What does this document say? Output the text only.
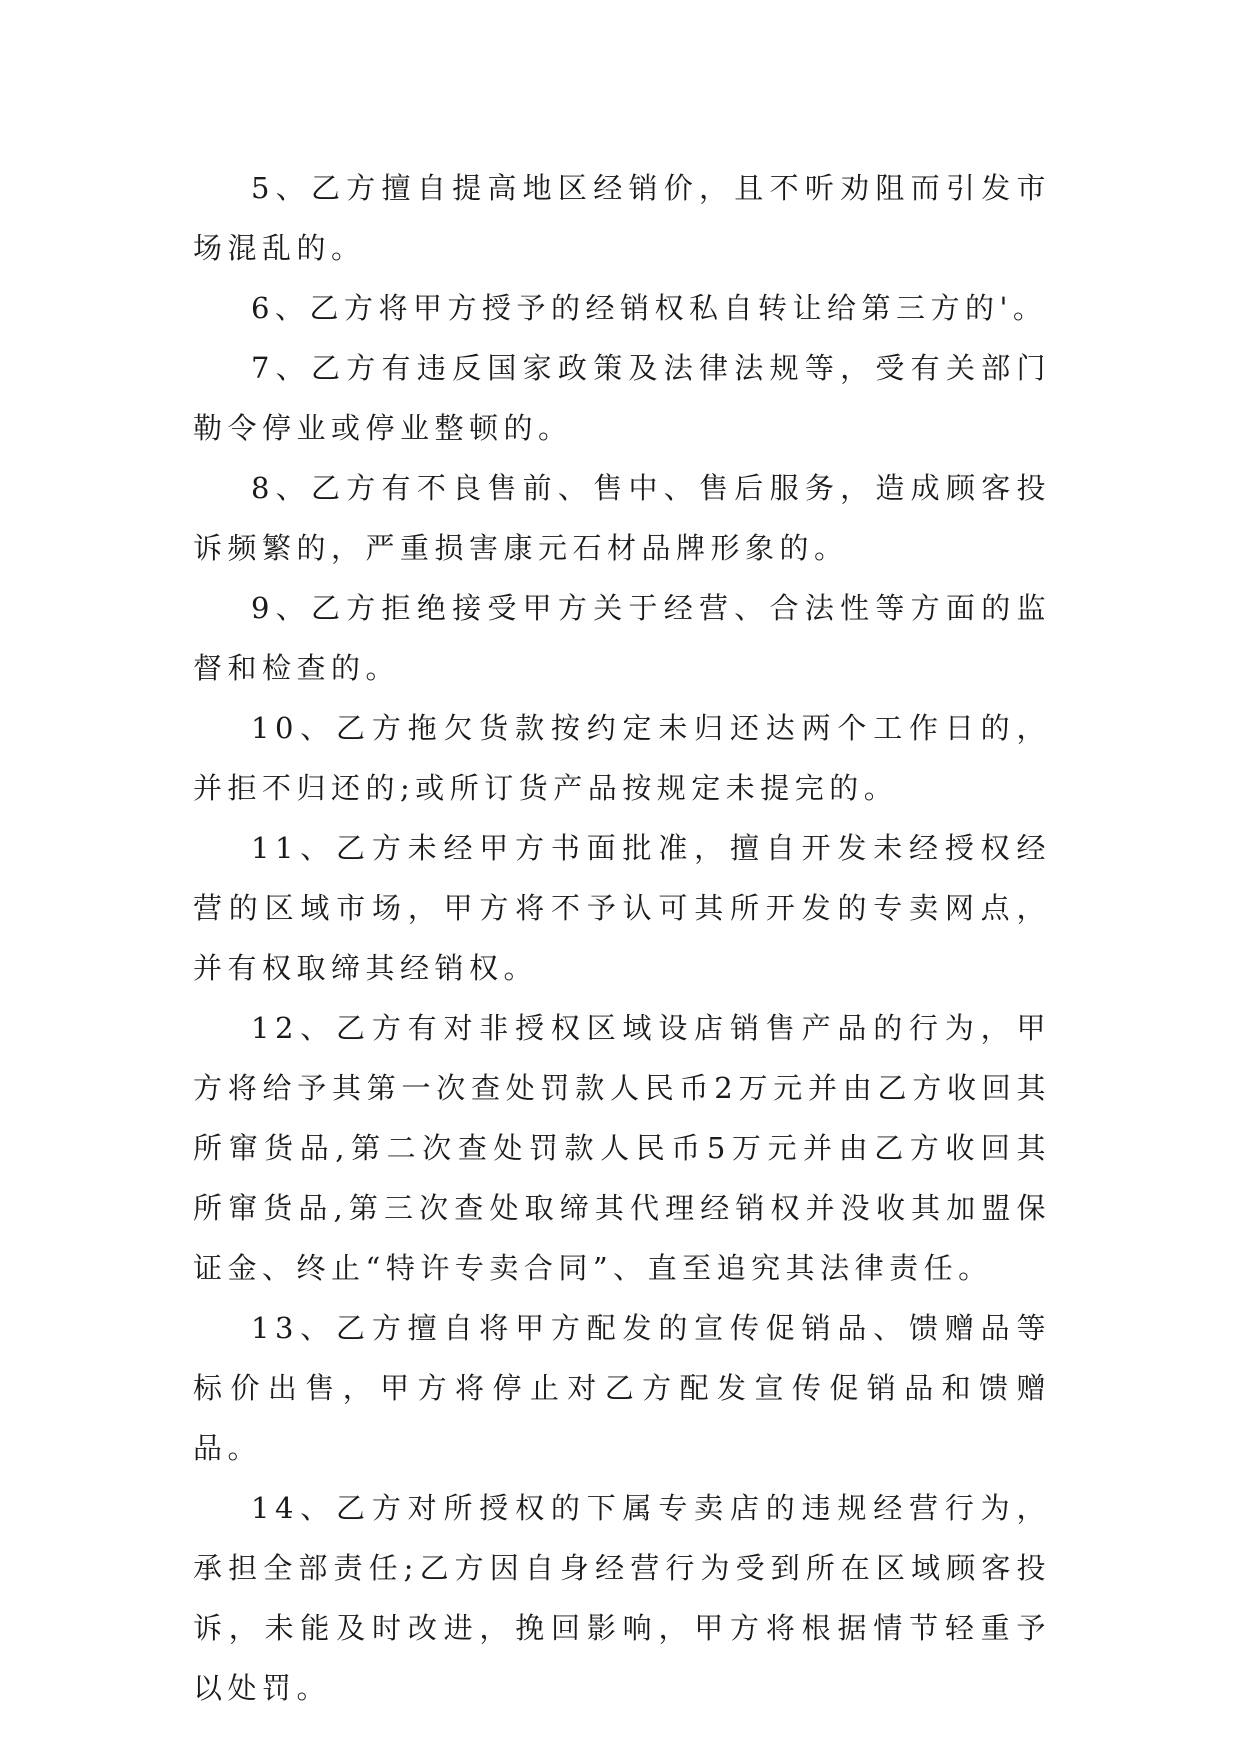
5、乙方擅自提高地区经销价，且不听劝阻而引发市场混乱的。

6、乙方将甲方授予的经销权私自转让给第三方的'。

7、乙方有违反国家政策及法律法规等，受有关部门勒令停业或停业整顿的。

8、乙方有不良售前、售中、售后服务，造成顾客投诉频繁的，严重损害康元石材品牌形象的。

9、乙方拒绝接受甲方关于经营、合法性等方面的监督和检查的。

10、乙方拖欠货款按约定未归还达两个工作日的，并拒不归还的;或所订货产品按规定未提完的。

11、乙方未经甲方书面批准，擅自开发未经授权经营的区域市场，甲方将不予认可其所开发的专卖网点，并有权取缔其经销权。

12、乙方有对非授权区域设店销售产品的行为，甲方将给予其第一次查处罚款人民币2万元并由乙方收回其所窜货品,第二次查处罚款人民币5万元并由乙方收回其所窜货品,第三次查处取缔其代理经销权并没收其加盟保证金、终止“特许专卖合同”、直至追究其法律责任。

13、乙方擅自将甲方配发的宣传促销品、馈赠品等标价出售，甲方将停止对乙方配发宣传促销品和馈赠品。

14、乙方对所授权的下属专卖店的违规经营行为，承担全部责任;乙方因自身经营行为受到所在区域顾客投诉，未能及时改进，挽回影响，甲方将根据情节轻重予以处罚。
